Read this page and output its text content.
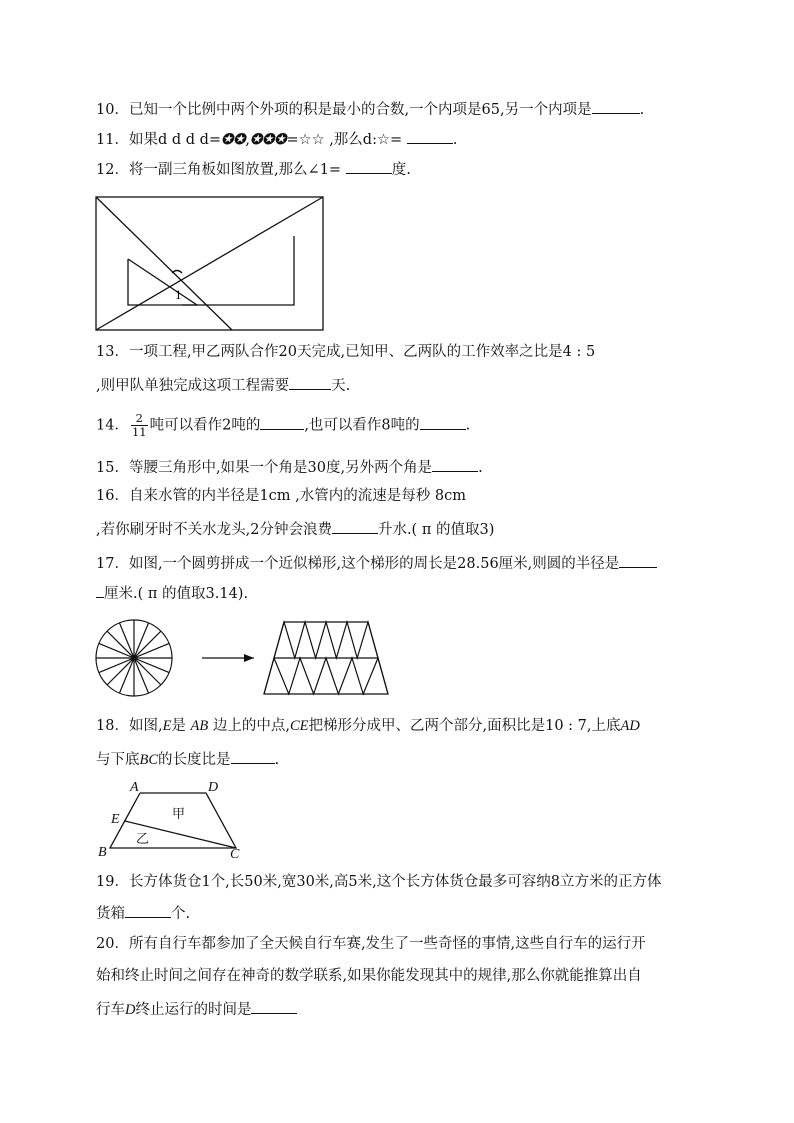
10．已知一个比例中两个外项的积是最小的合数,一个内项是65,另一个内项是	.
11．如果d d d d=✪✪,✪✪✪=☆☆ ,那么d:☆=	.
12．将一副三角板如图放置,那么∠1=	度.
1
13．一项工程,甲乙两队合作20天完成,已知甲、乙两队的工作效率之比是4 : 5
,则甲队单独完成这项工程需要	天.
14． $\frac{2}{11}$ 吨可以看作2吨的	,也可以看作8吨的	.
15．等腰三角形中,如果一个角是30度,另外两个角是	.
16．自来水管的内半径是1cm ,水管内的流速是每秒 8cm
,若你刷牙时不关水龙头,2分钟会浪费	升水.( π 的值取3)
17．如图,一个圆剪拼成一个近似梯形,这个梯形的周长是28.56厘米,则圆的半径是
厘米.( π 的值取3.14).
18．如图,E是 AB 边上的中点,CE把梯形分成甲、乙两个部分,面积比是10 : 7,上底AD
与下底BC的长度比是	.
A	D
E
B	C
甲
乙
19．长方体货仓1个,长50米,宽30米,高5米,这个长方体货仓最多可容纳8立方米的正方体
货箱	个.
20．所有自行车都参加了全天候自行车赛,发生了一些奇怪的事情,这些自行车的运行开
始和终止时间之间存在神奇的数学联系,如果你能发现其中的规律,那么你就能推算出自
行车D终止运行的时间是
